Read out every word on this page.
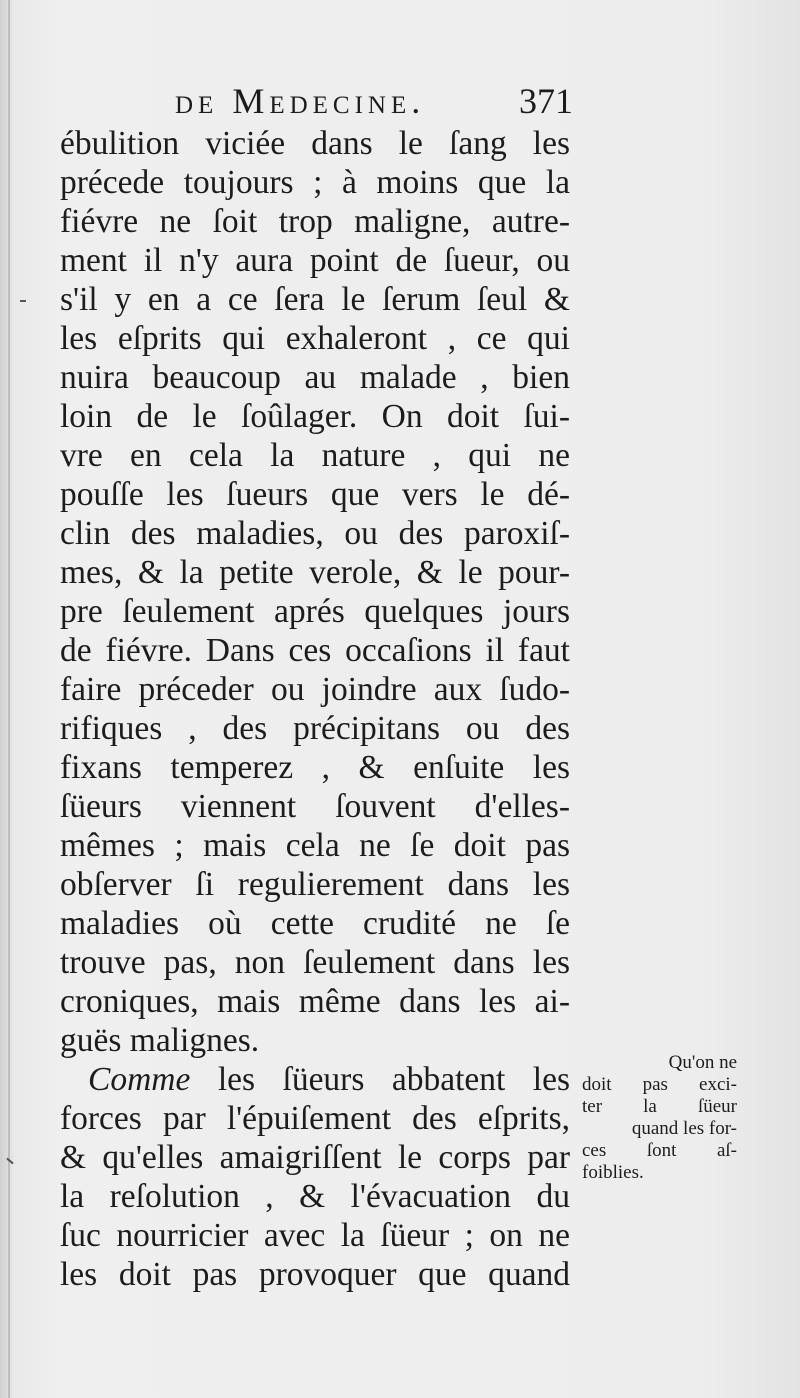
de Medecine.	371
ébulition viciée dans le ſang les
précede toujours ; à moins que la
fiévre ne ſoit trop maligne, autre-
ment il n'y aura point de ſueur, ou
s'il y en a ce ſera le ſerum ſeul &
les eſprits qui exhaleront , ce qui
nuira beaucoup au malade , bien
loin de le ſoûlager. On doit ſui-
vre en cela la nature , qui ne
pouſſe les ſueurs que vers le dé-
clin des maladies, ou des paroxiſ-
mes, & la petite verole, & le pour-
pre ſeulement aprés quelques jours
de fiévre. Dans ces occaſions il faut
faire préceder ou joindre aux ſudo-
rifiques , des précipitans ou des
fixans temperez , & enſuite les
ſüeurs viennent ſouvent d'elles-
mêmes ; mais cela ne ſe doit pas
obſerver ſi regulierement dans les
maladies où cette crudité ne ſe
trouve pas, non ſeulement dans les
croniques, mais même dans les ai-
guës malignes.
Comme les ſüeurs abbatent les
forces par l'épuiſement des eſprits,
& qu'elles amaigriſſent le corps par
la reſolution , & l'évacuation du
ſuc nourricier avec la ſüeur ; on ne
les doit pas provoquer que quand
Qu'on ne
doit pas exci-
ter la ſüeur
quand les for-
ces ſont aſ-
foiblies.
